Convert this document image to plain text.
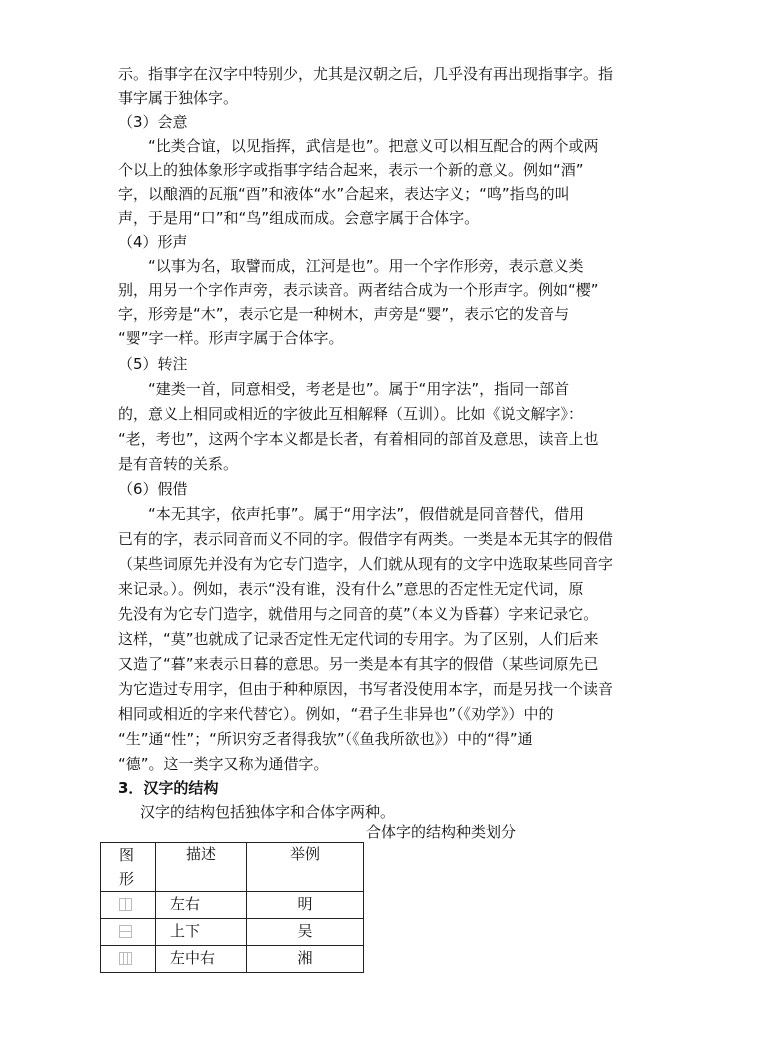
示。指事字在汉字中特别少，尤其是汉朝之后，几乎没有再出现指事字。指
事字属于独体字。
（3）会意
“比类合谊，以见指挥，武信是也”。把意义可以相互配合的两个或两
个以上的独体象形字或指事字结合起来，表示一个新的意义。例如“酒”
字，以酿酒的瓦瓶“酉”和液体“水”合起来，表达字义；“鸣”指鸟的叫
声，于是用“口”和“鸟”组成而成。会意字属于合体字。
（4）形声
“以事为名，取譬而成，江河是也”。用一个字作形旁，表示意义类
别，用另一个字作声旁，表示读音。两者结合成为一个形声字。例如“樱”
字，形旁是“木”，表示它是一种树木，声旁是“婴”，表示它的发音与
“婴”字一样。形声字属于合体字。
（5）转注
“建类一首，同意相受，考老是也”。属于“用字法”，指同一部首
的，意义上相同或相近的字彼此互相解释（互训）。比如《说文解字》：
“老，考也”，这两个字本义都是长者，有着相同的部首及意思，读音上也
是有音转的关系。
（6）假借
“本无其字，依声托事”。属于“用字法”，假借就是同音替代，借用
已有的字，表示同音而义不同的字。假借字有两类。一类是本无其字的假借
（某些词原先并没有为它专门造字，人们就从现有的文字中选取某些同音字
来记录。）。例如，表示“没有谁，没有什么”意思的否定性无定代词，原
先没有为它专门造字，就借用与之同音的莫”（本义为昏暮）字来记录它。
这样，“莫”也就成了记录否定性无定代词的专用字。为了区别，人们后来
又造了“暮”来表示日暮的意思。另一类是本有其字的假借（某些词原先已
为它造过专用字，但由于种种原因，书写者没使用本字，而是另找一个读音
相同或相近的字来代替它）。例如，“君子生非异也”（《劝学》）中的
“生”通“性”；“所识穷乏者得我欤”（《鱼我所欲也》）中的“得”通
“德”。这一类字又称为通借字。
3．汉字的结构
汉字的结构包括独体字和合体字两种。
合体字的结构种类划分
图形	描述	举例
	左右	明
	上下	吴
	左中右	湘
